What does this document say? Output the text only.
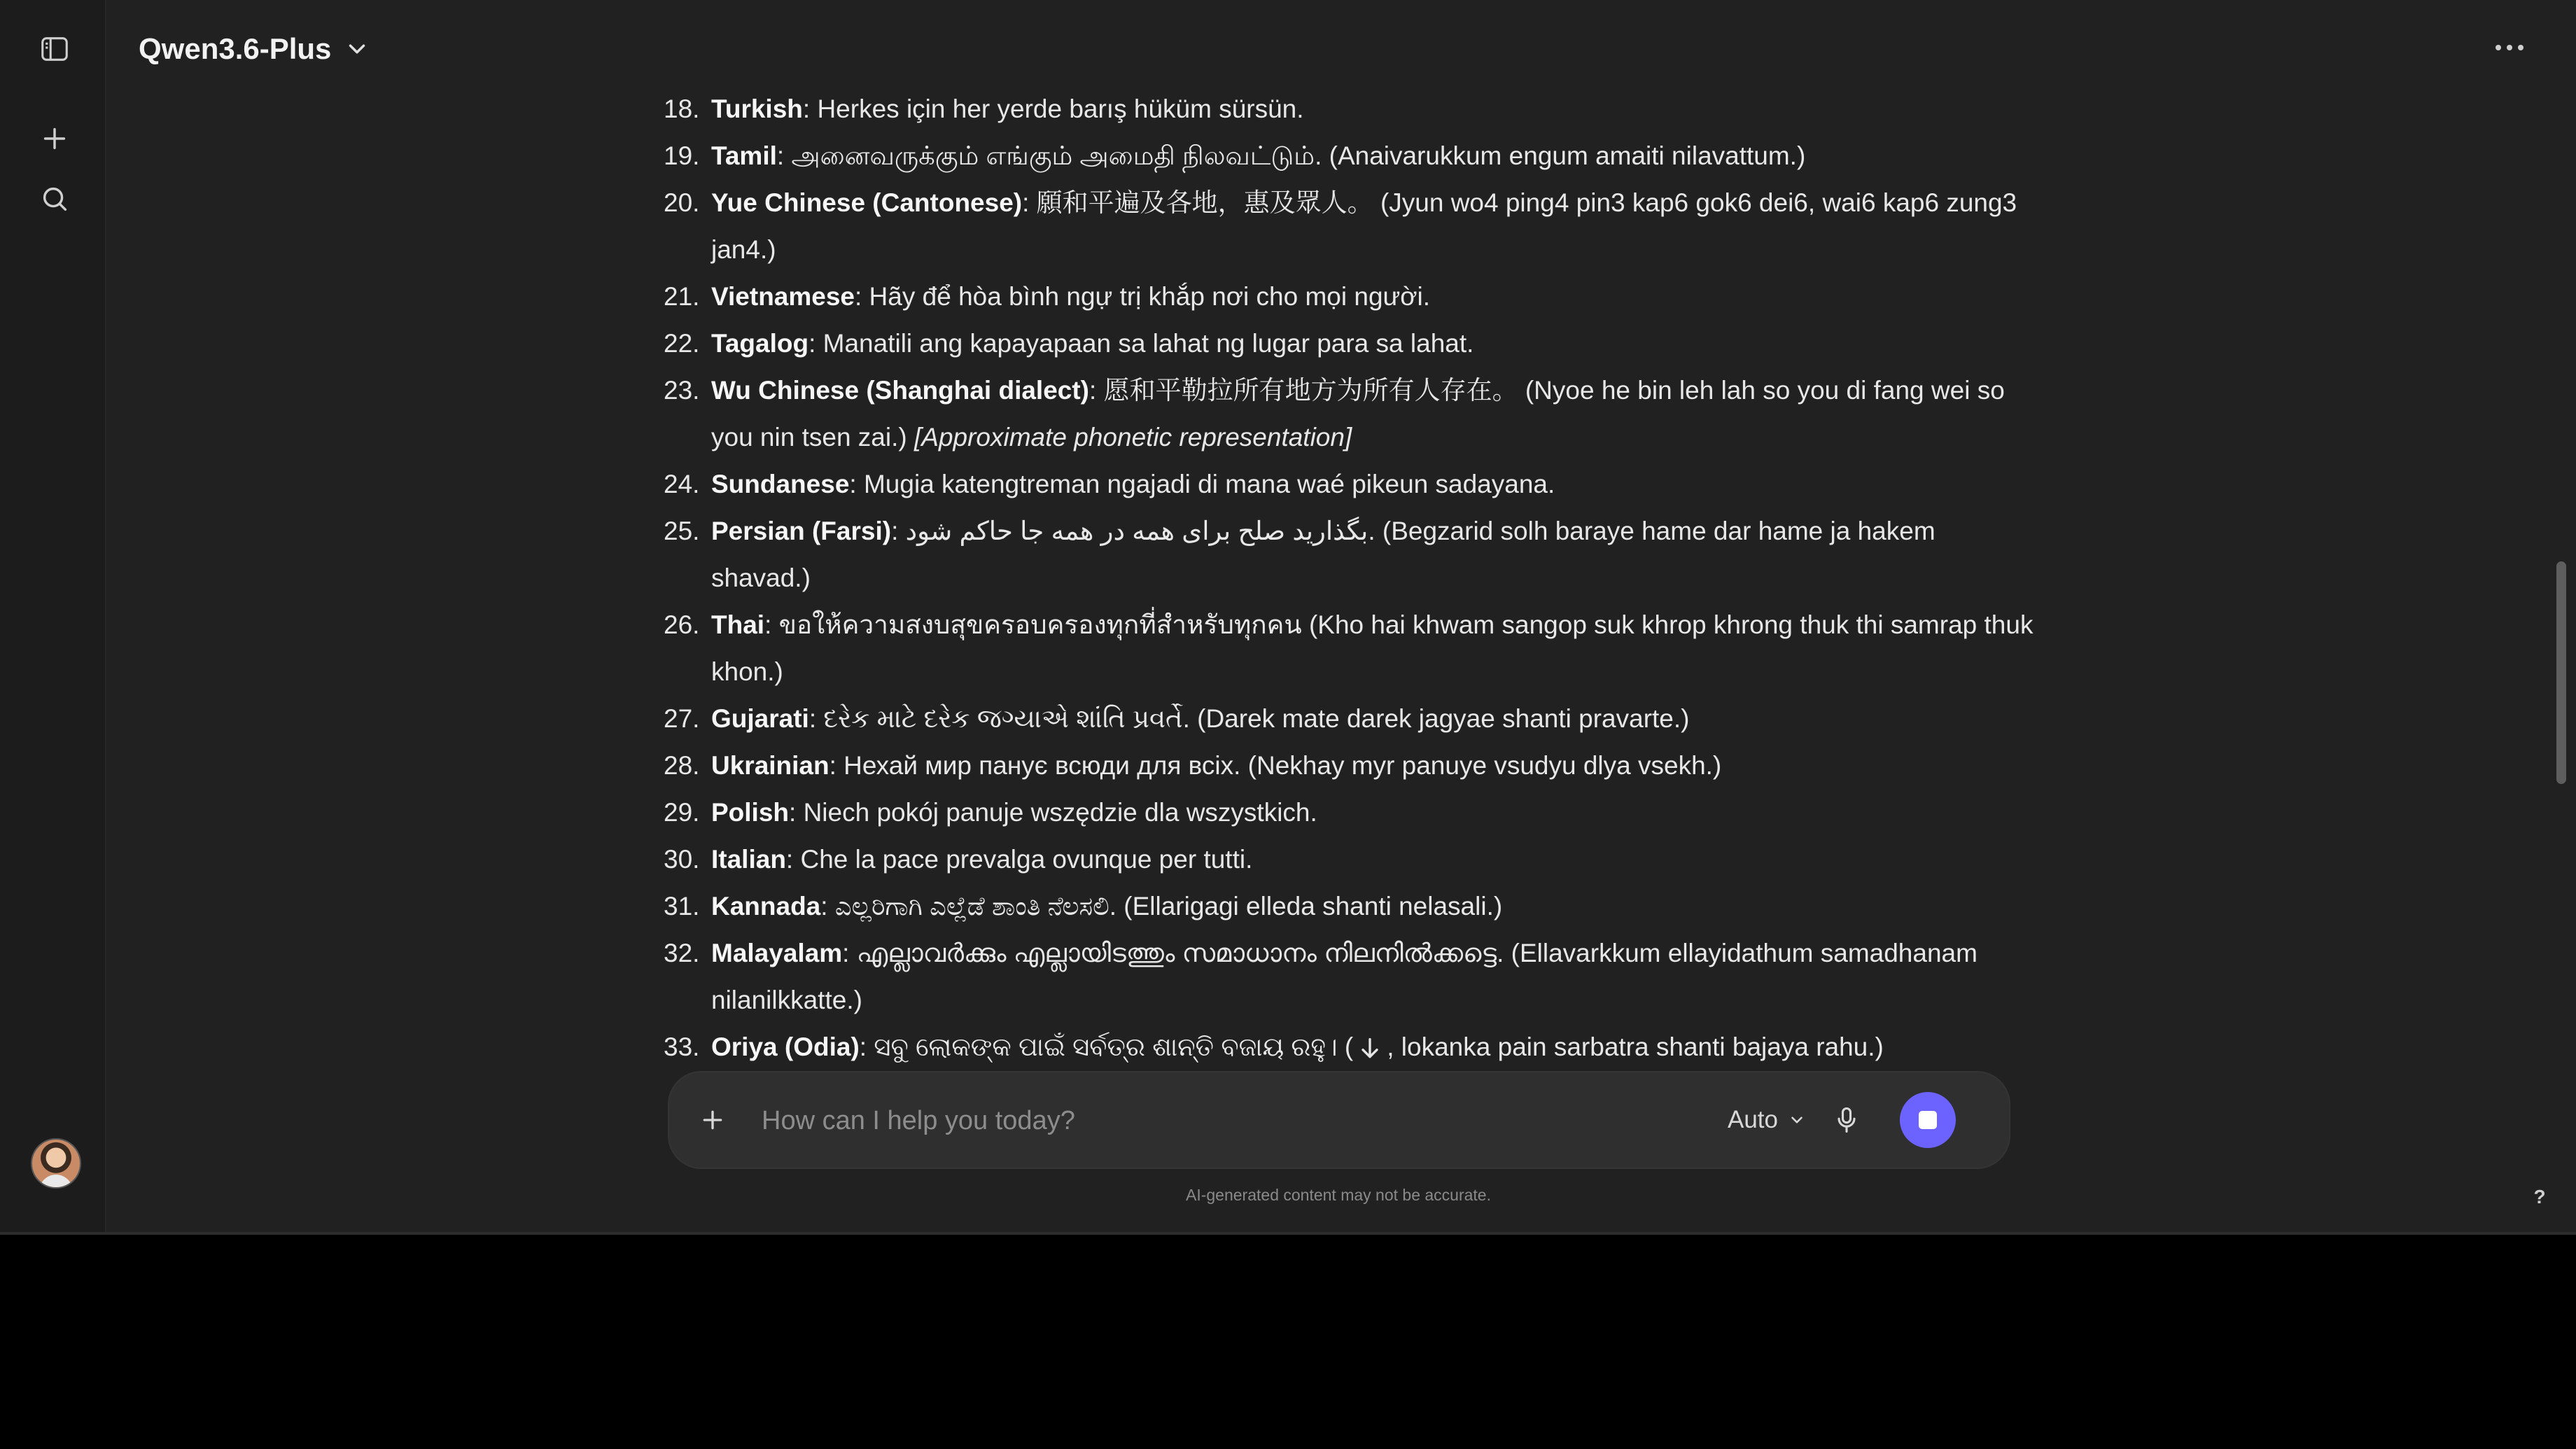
Qwen3.6-Plus
18. Turkish: Herkes için her yerde barış hüküm sürsün.
19. Tamil: அனைவருக்கும் எங்கும் அமைதி நிலவட்டும். (Anaivarukkum engum amaiti nilavattum.)
20. Yue Chinese (Cantonese): 願和平遍及各地，惠及眾人。 (Jyun wo4 ping4 pin3 kap6 gok6 dei6, wai6 kap6 zung3 jan4.)
21. Vietnamese: Hãy để hòa bình ngự trị khắp nơi cho mọi người.
22. Tagalog: Manatili ang kapayapaan sa lahat ng lugar para sa lahat.
23. Wu Chinese (Shanghai dialect): 愿和平勒拉所有地方为所有人存在。 (Nyoe he bin leh lah so you di fang wei so you nin tsen zai.) [Approximate phonetic representation]
24. Sundanese: Mugia katengtreman ngajadi di mana waé pikeun sadayana.
25. Persian (Farsi): بگذارید صلح برای همه در همه جا حاکم شود. (Begzarid solh baraye hame dar hame ja hakem shavad.)
26. Thai: ขอให้ความสงบสุขครอบครองทุกที่สำหรับทุกคน (Kho hai khwam sangop suk khrop khrong thuk thi samrap thuk khon.)
27. Gujarati: દરેક માટે દરેક જગ્યાએ શાંતિ પ્રવર્તે. (Darek mate darek jagyae shanti pravarte.)
28. Ukrainian: Нехай мир панує всюди для всіх. (Nekhay myr panuye vsudyu dlya vsekh.)
29. Polish: Niech pokój panuje wszędzie dla wszystkich.
30. Italian: Che la pace prevalga ovunque per tutti.
31. Kannada: ಎಲ್ಲರಿಗಾಗಿ ಎಲ್ಲೆಡೆ ಶಾಂತಿ ನೆಲಸಲಿ. (Ellarigagi elleda shanti nelasali.)
32. Malayalam: എല്ലാവർക്കും എല്ലായിടത്തും സമാധാനം നിലനിൽക്കട്ടെ. (Ellavarkkum ellayidathum samadhanam nilanilkkatte.)
33. Oriya (Odia): ସବୁ ଲୋକଙ୍କ ପାଇଁ ସର୍ବତ୍ର ଶାନ୍ତି ବଜାୟ ରହୁ। ( , lokanka pain sarbatra shanti bajaya rahu.)
How can I help you today?
Auto
AI-generated content may not be accurate.	?
